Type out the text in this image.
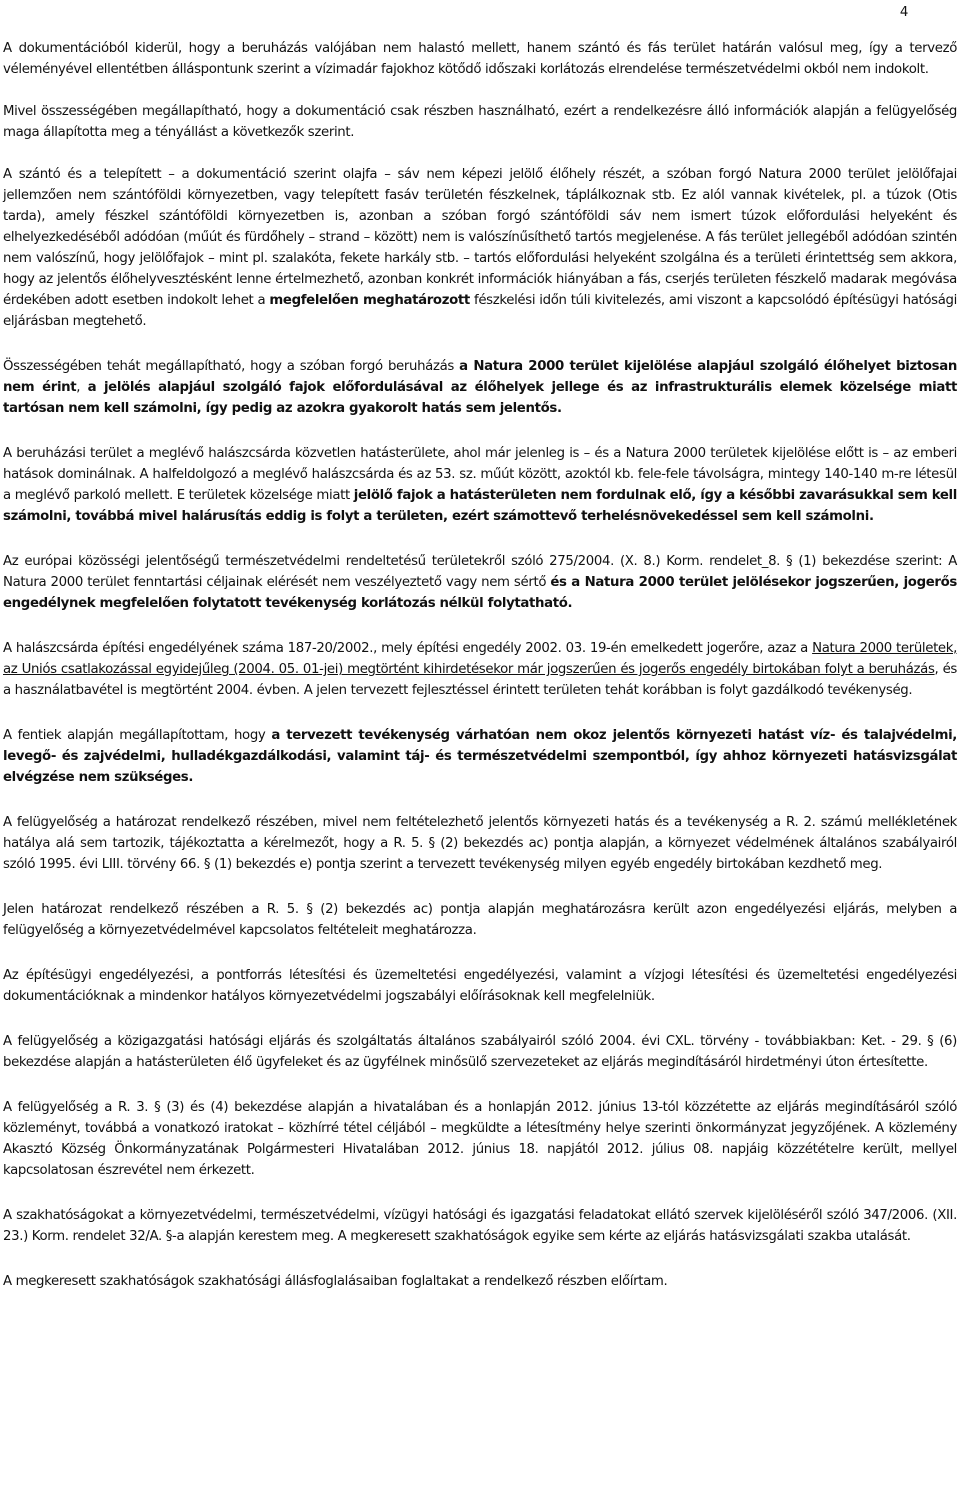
4

A dokumentációból kiderül, hogy a beruházás valójában nem halastó mellett, hanem szántó és fás terület határán valósul meg, így a tervező véleményével ellentétben álláspontunk szerint a vízimadár fajokhoz kötődő időszaki korlátozás elrendelése természetvédelmi okból nem indokolt.

Mivel összességében megállapítható, hogy a dokumentáció csak részben használható, ezért a rendelkezésre álló információk alapján a felügyelőség maga állapította meg a tényállást a következők szerint.

A szántó és a telepített – a dokumentáció szerint olajfa – sáv nem képezi jelölő élőhely részét, a szóban forgó Natura 2000 terület jelölőfajai jellemzően nem szántóföldi környezetben, vagy telepített fasáv területén fészkelnek, táplálkoznak stb. Ez alól vannak kivételek, pl. a túzok (Otis tarda), amely fészkel szántóföldi környezetben is, azonban a szóban forgó szántóföldi sáv nem ismert túzok előfordulási helyeként és elhelyezkedéséből adódóan (műút és fürdőhely – strand – között) nem is valószínűsíthető tartós megjelenése. A fás terület jellegéből adódóan szintén nem valószínű, hogy jelölőfajok – mint pl. szalakóta, fekete harkály stb. – tartós előfordulási helyeként szolgálna és a területi érintettség sem akkora, hogy az jelentős élőhelyvesztésként lenne értelmezhető, azonban konkrét információk hiányában a fás, cserjés területen fészkelő madarak megóvása érdekében adott esetben indokolt lehet a megfelelően meghatározott fészkelési időn túli kivitelezés, ami viszont a kapcsolódó építésügyi hatósági eljárásban megtehető.

Összességében tehát megállapítható, hogy a szóban forgó beruházás a Natura 2000 terület kijelölése alapjául szolgáló élőhelyet biztosan nem érint, a jelölés alapjául szolgáló fajok előfordulásával az élőhelyek jellege és az infrastrukturális elemek közelsége miatt tartósan nem kell számolni, így pedig az azokra gyakorolt hatás sem jelentős.

A beruházási terület a meglévő halászcsárda közvetlen hatásterülete, ahol már jelenleg is – és a Natura 2000 területek kijelölése előtt is – az emberi hatások dominálnak. A halfeldolgozó a meglévő halászcsárda és az 53. sz. műút között, azoktól kb. fele-fele távolságra, mintegy 140-140 m-re létesül a meglévő parkoló mellett. E területek közelsége miatt jelölő fajok a hatásterületen nem fordulnak elő, így a későbbi zavarásukkal sem kell számolni, továbbá mivel halárusítás eddig is folyt a területen, ezért számottevő terhelésnövekedéssel sem kell számolni.

Az európai közösségi jelentőségű természetvédelmi rendeltetésű területekről szóló 275/2004. (X. 8.) Korm. rendelet_8. § (1) bekezdése szerint: A Natura 2000 terület fenntartási céljainak elérését nem veszélyeztető vagy nem sértő és a Natura 2000 terület jelölésekor jogszerűen, jogerős engedélynek megfelelően folytatott tevékenység korlátozás nélkül folytatható.

A halászcsárda építési engedélyének száma 187-20/2002., mely építési engedély 2002. 03. 19-én emelkedett jogerőre, azaz a Natura 2000 területek, az Uniós csatlakozással egyidejűleg (2004. 05. 01-jei) megtörtént kihirdetésekor már jogszerűen és jogerős engedély birtokában folyt a beruházás, és a használatbavétel is megtörtént 2004. évben. A jelen tervezett fejlesztéssel érintett területen tehát korábban is folyt gazdálkodó tevékenység.

A fentiek alapján megállapítottam, hogy a tervezett tevékenység várhatóan nem okoz jelentős környezeti hatást víz- és talajvédelmi, levegő- és zajvédelmi, hulladékgazdálkodási, valamint táj- és természetvédelmi szempontból, így ahhoz környezeti hatásvizsgálat elvégzése nem szükséges.

A felügyelőség a határozat rendelkező részében, mivel nem feltételezhető jelentős környezeti hatás és a tevékenység a R. 2. számú mellékletének hatálya alá sem tartozik, tájékoztatta a kérelmezőt, hogy a R. 5. § (2) bekezdés ac) pontja alapján, a környezet védelmének általános szabályairól szóló 1995. évi LIII. törvény 66. § (1) bekezdés e) pontja szerint a tervezett tevékenység milyen egyéb engedély birtokában kezdhető meg.

Jelen határozat rendelkező részében a R. 5. § (2) bekezdés ac) pontja alapján meghatározásra került azon engedélyezési eljárás, melyben a felügyelőség a környezetvédelmével kapcsolatos feltételeit meghatározza.

Az építésügyi engedélyezési, a pontforrás létesítési és üzemeltetési engedélyezési, valamint a vízjogi létesítési és üzemeltetési engedélyezési dokumentációknak a mindenkor hatályos környezetvédelmi jogszabályi előírásoknak kell megfelelniük.

A felügyelőség a közigazgatási hatósági eljárás és szolgáltatás általános szabályairól szóló 2004. évi CXL. törvény - továbbiakban: Ket. - 29. § (6) bekezdése alapján a hatásterületen élő ügyfeleket és az ügyfélnek minősülő szervezeteket az eljárás megindításáról hirdetményi úton értesítette.

A felügyelőség a R. 3. § (3) és (4) bekezdése alapján a hivatalában és a honlapján 2012. június 13-tól közzétette az eljárás megindításáról szóló közleményt, továbbá a vonatkozó iratokat – közhírré tétel céljából – megküldte a létesítmény helye szerinti önkormányzat jegyzőjének. A közlemény Akasztó Község Önkormányzatának Polgármesteri Hivatalában 2012. június 18. napjától 2012. július 08. napjáig közzétételre került, mellyel kapcsolatosan észrevétel nem érkezett.

A szakhatóságokat a környezetvédelmi, természetvédelmi, vízügyi hatósági és igazgatási feladatokat ellátó szervek kijelöléséről szóló 347/2006. (XII. 23.) Korm. rendelet 32/A. §-a alapján kerestem meg. A megkeresett szakhatóságok egyike sem kérte az eljárás hatásvizsgálati szakba utalását.

A megkeresett szakhatóságok szakhatósági állásfoglalásaiban foglaltakat a rendelkező részben előírtam.
